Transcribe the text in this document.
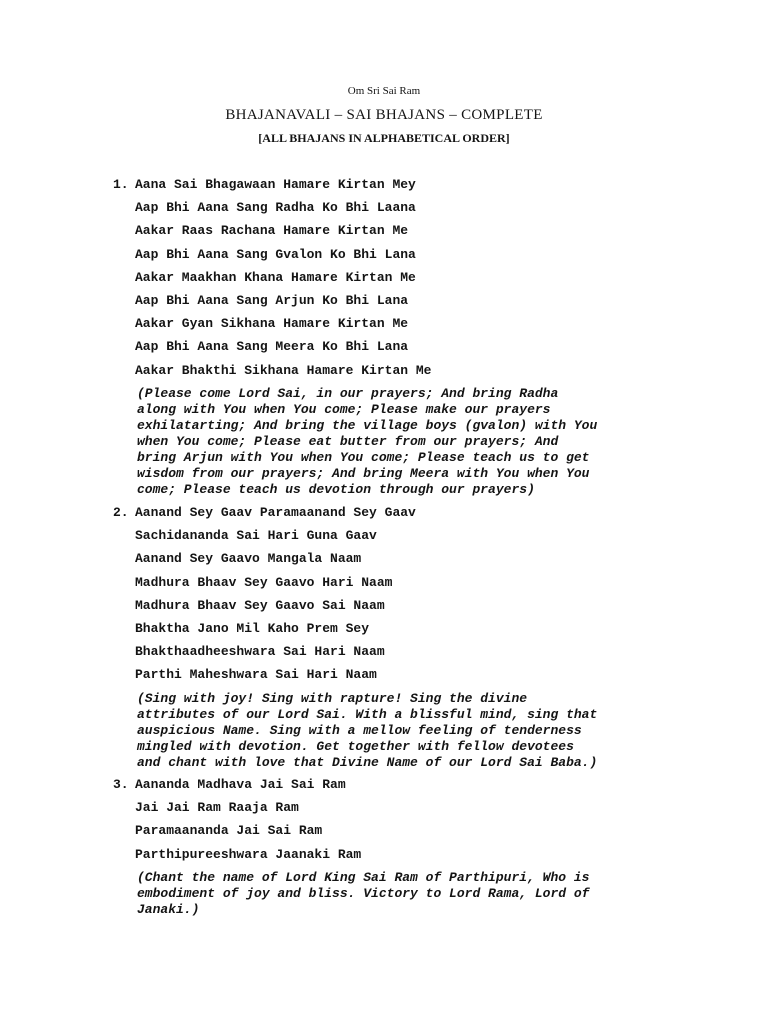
Om Sri Sai Ram
BHAJANAVALI – SAI BHAJANS – COMPLETE
[ALL BHAJANS IN ALPHABETICAL ORDER]
1. Aana Sai Bhagawaan Hamare Kirtan Mey
Aap Bhi Aana Sang Radha Ko Bhi Laana
Aakar Raas Rachana Hamare Kirtan Me
Aap Bhi Aana Sang Gvalon Ko Bhi Lana
Aakar Maakhan Khana Hamare Kirtan Me
Aap Bhi Aana Sang Arjun Ko Bhi Lana
Aakar Gyan Sikhana Hamare Kirtan Me
Aap Bhi Aana Sang Meera Ko Bhi Lana
Aakar Bhakthi Sikhana Hamare Kirtan Me
(Please come Lord Sai, in our prayers; And bring Radha
along with You when You come; Please make our prayers
exhilatarting; And bring the village boys (gvalon) with You
when You come; Please eat butter from our prayers; And
bring Arjun with You when You come; Please teach us to get
wisdom from our prayers; And bring Meera with You when You
come; Please teach us devotion through our prayers)
2. Aanand Sey Gaav Paramaanand Sey Gaav
Sachidananda Sai Hari Guna Gaav
Aanand Sey Gaavo Mangala Naam
Madhura Bhaav Sey Gaavo Hari Naam
Madhura Bhaav Sey Gaavo Sai Naam
Bhaktha Jano Mil Kaho Prem Sey
Bhakthaadheeshwara Sai Hari Naam
Parthi Maheshwara Sai Hari Naam
(Sing with joy! Sing with rapture! Sing the divine
attributes of our Lord Sai. With a blissful mind, sing that
auspicious Name. Sing with a mellow feeling of tenderness
mingled with devotion. Get together with fellow devotees
and chant with love that Divine Name of our Lord Sai Baba.)
3. Aananda Madhava Jai Sai Ram
Jai Jai Ram Raaja Ram
Paramaananda Jai Sai Ram
Parthipureeshwara Jaanaki Ram
(Chant the name of Lord King Sai Ram of Parthipuri, Who is
embodiment of joy and bliss. Victory to Lord Rama, Lord of
Janaki.)
